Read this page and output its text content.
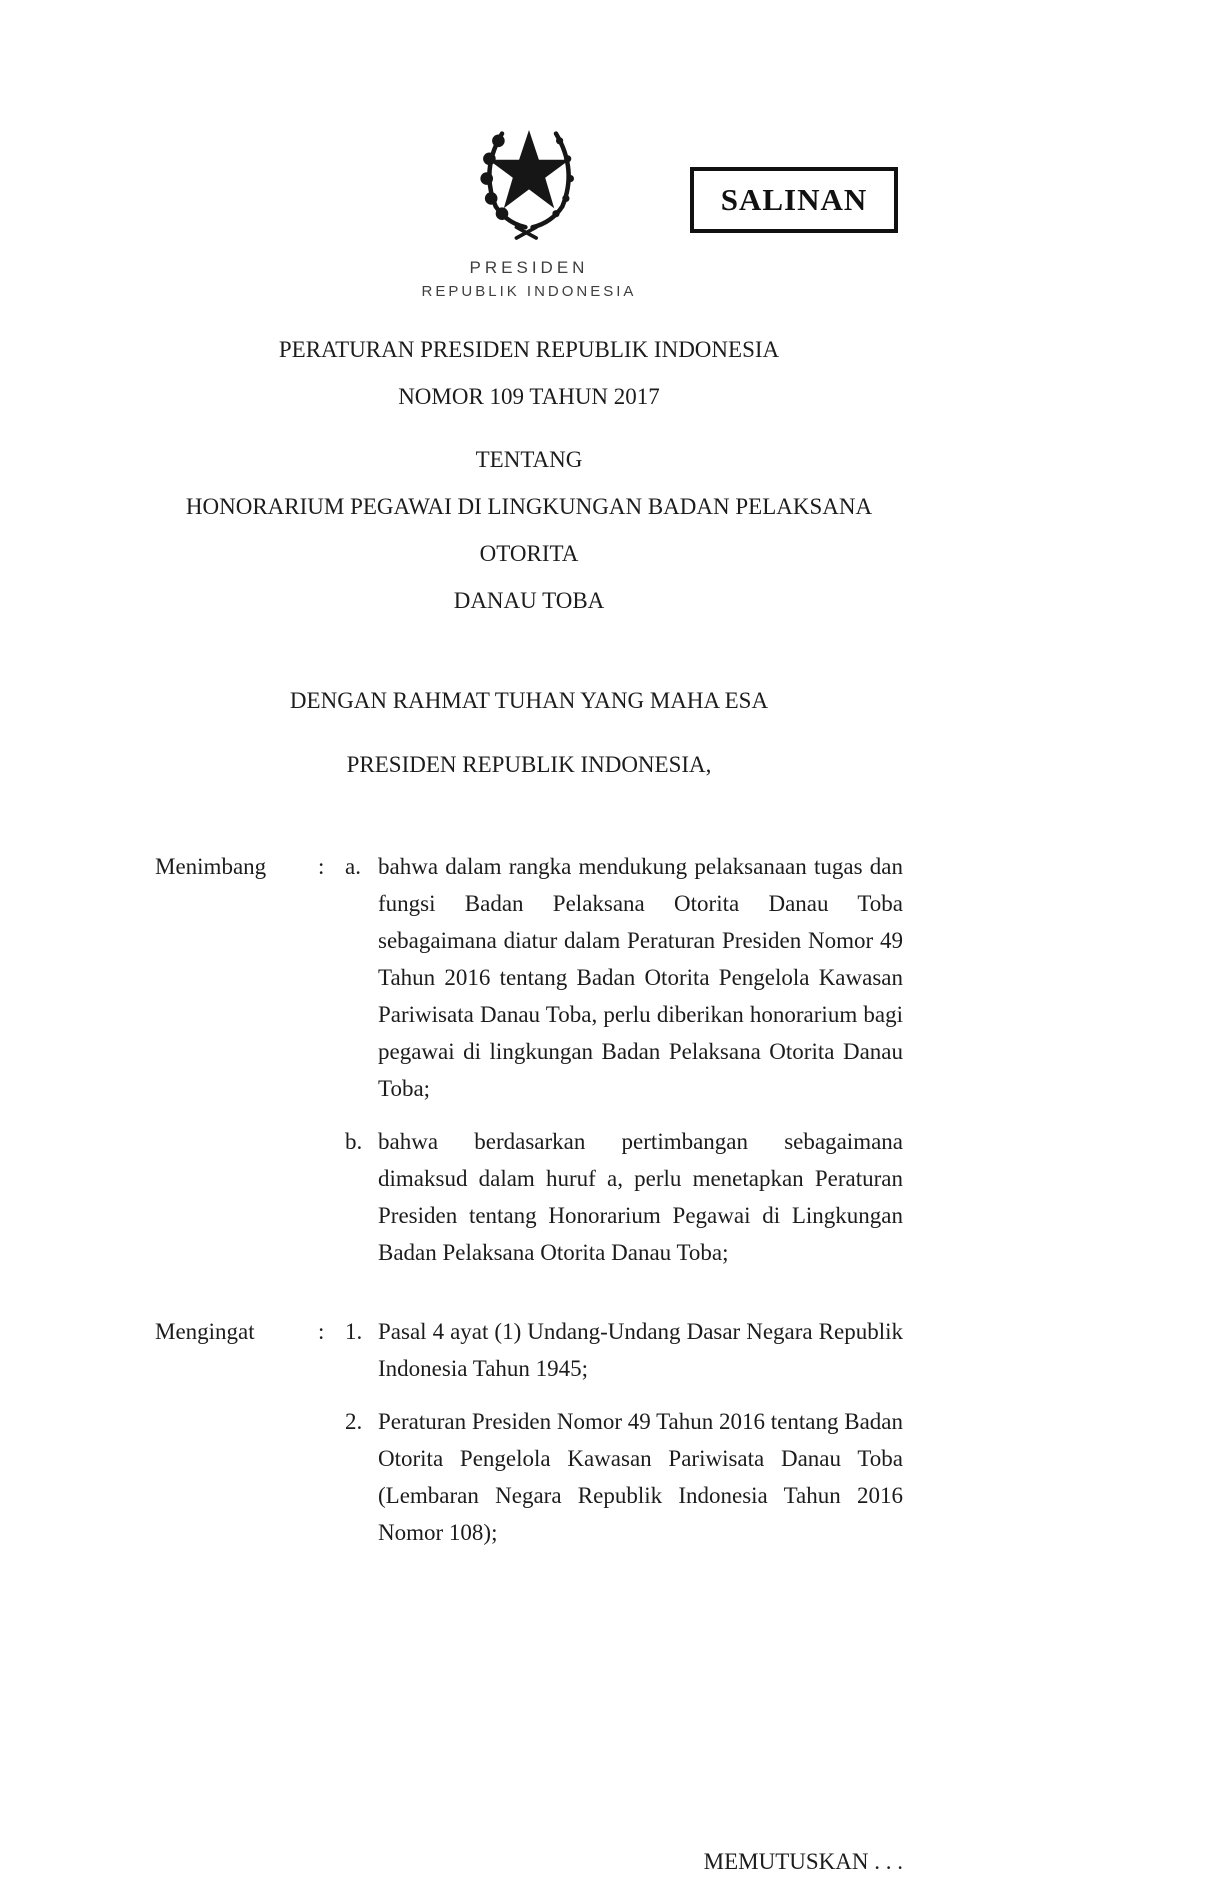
SALINAN
PRESIDEN
REPUBLIK INDONESIA
PERATURAN PRESIDEN REPUBLIK INDONESIA
NOMOR 109 TAHUN 2017
TENTANG
HONORARIUM PEGAWAI DI LINGKUNGAN BADAN PELAKSANA OTORITA
DANAU TOBA
DENGAN RAHMAT TUHAN YANG MAHA ESA
PRESIDEN REPUBLIK INDONESIA,
Menimbang	: a. bahwa dalam rangka mendukung pelaksanaan tugas dan fungsi Badan Pelaksana Otorita Danau Toba sebagaimana diatur dalam Peraturan Presiden Nomor 49 Tahun 2016 tentang Badan Otorita Pengelola Kawasan Pariwisata Danau Toba, perlu diberikan honorarium bagi pegawai di lingkungan Badan Pelaksana Otorita Danau Toba;

b. bahwa berdasarkan pertimbangan sebagaimana dimaksud dalam huruf a, perlu menetapkan Peraturan Presiden tentang Honorarium Pegawai di Lingkungan Badan Pelaksana Otorita Danau Toba;

Mengingat	: 1. Pasal 4 ayat (1) Undang-Undang Dasar Negara Republik Indonesia Tahun 1945;

2. Peraturan Presiden Nomor 49 Tahun 2016 tentang Badan Otorita Pengelola Kawasan Pariwisata Danau Toba (Lembaran Negara Republik Indonesia Tahun 2016 Nomor 108);

MEMUTUSKAN . . .
